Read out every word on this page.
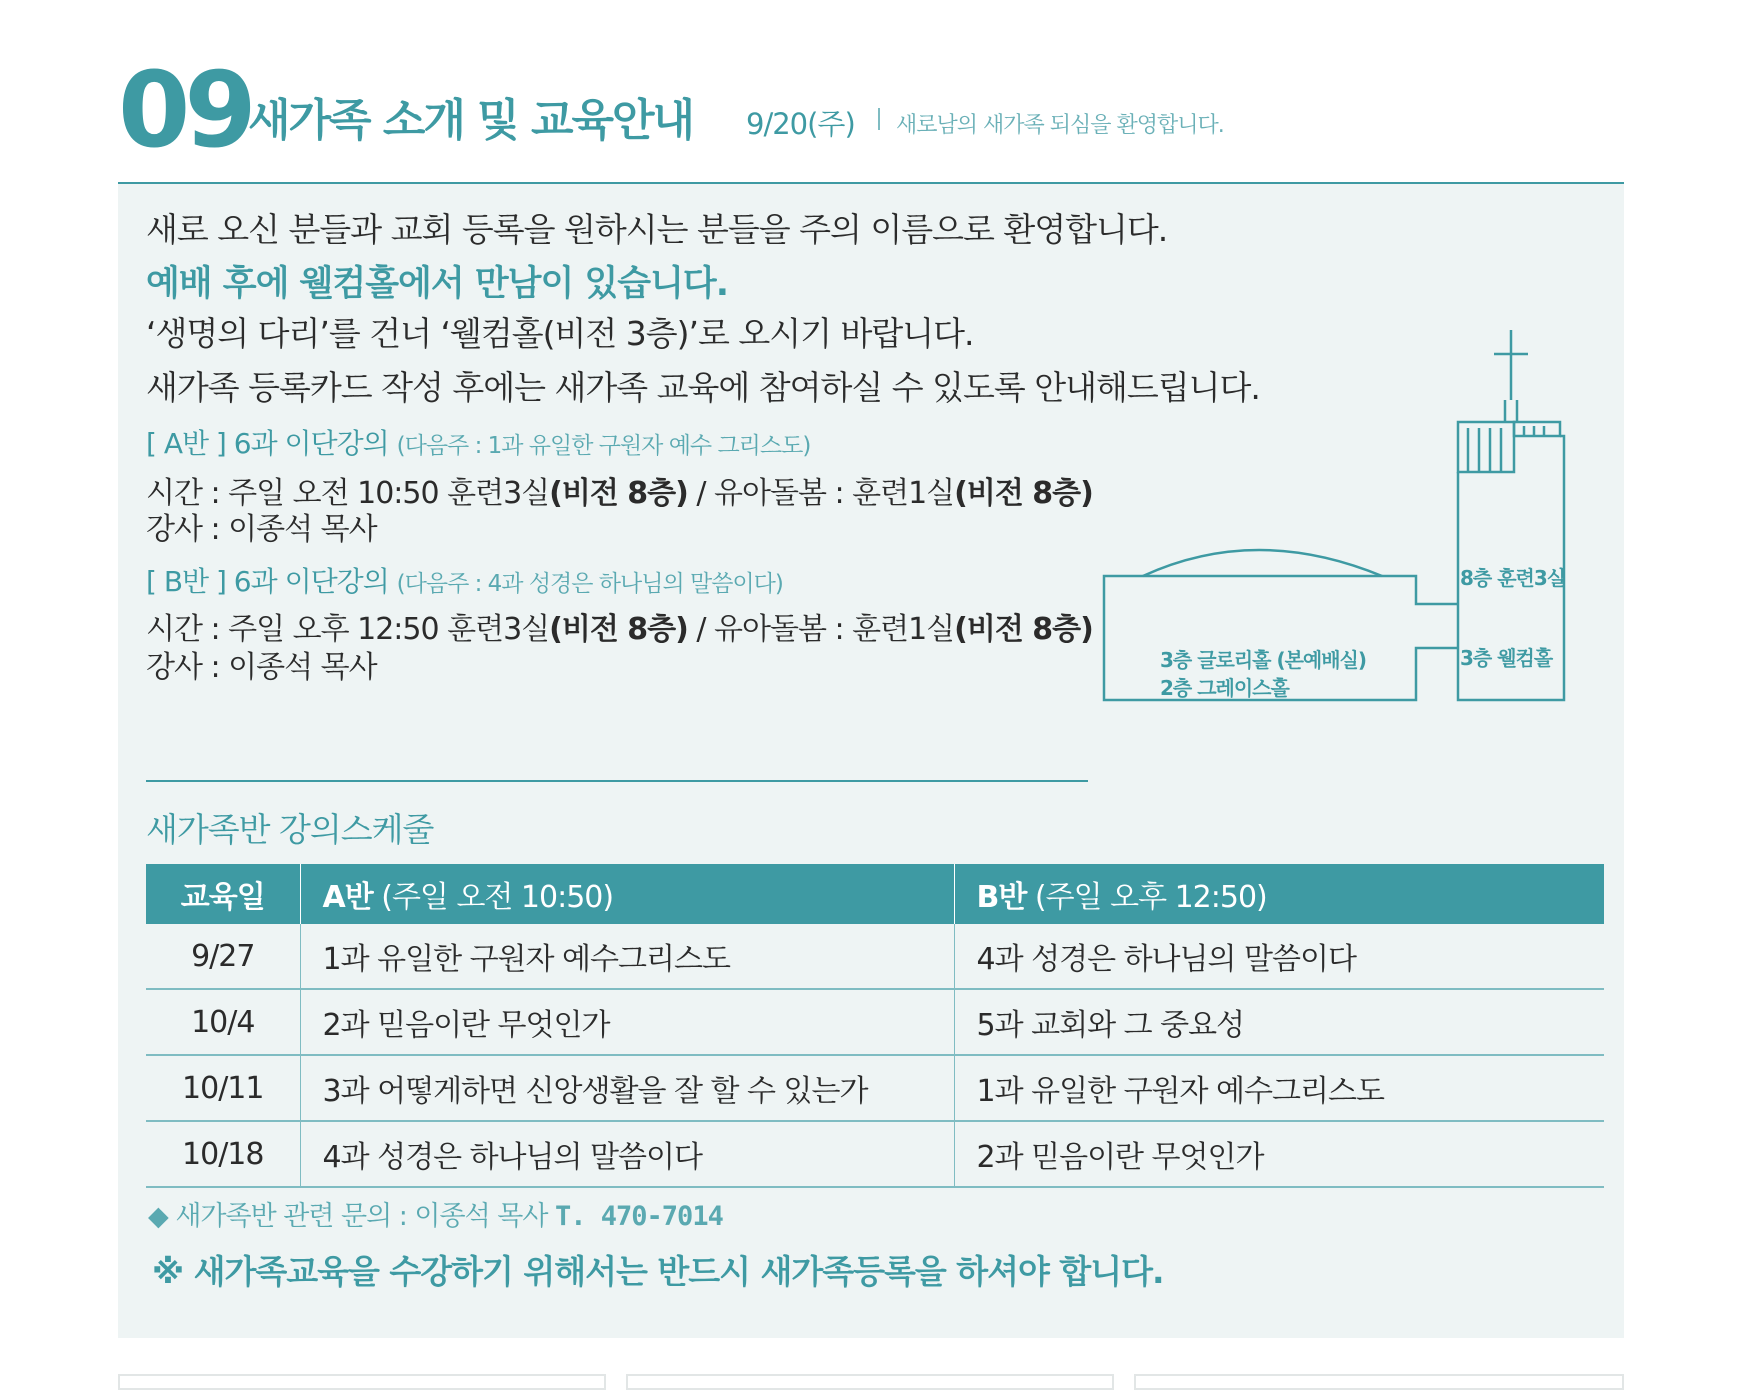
09
새가족 소개 및 교육안내 9/20(주) 새로남의 새가족 되심을 환영합니다.
새로 오신 분들과 교회 등록을 원하시는 분들을 주의 이름으로 환영합니다.
예배 후에 웰컴홀에서 만남이 있습니다.
‘생명의 다리’를 건너 ‘웰컴홀(비전 3층)’로 오시기 바랍니다.
새가족 등록카드 작성 후에는 새가족 교육에 참여하실 수 있도록 안내해드립니다.
[ A반 ] 6과 이단강의 (다음주 : 1과 유일한 구원자 예수 그리스도)
시간 : 주일 오전 10:50 훈련3실(비전 8층) / 유아돌봄 : 훈련1실(비전 8층)
강사 : 이종석 목사
[ B반 ] 6과 이단강의 (다음주 : 4과 성경은 하나님의 말씀이다)
시간 : 주일 오후 12:50 훈련3실(비전 8층) / 유아돌봄 : 훈련1실(비전 8층)
강사 : 이종석 목사
8층 훈련3실
3층 웰컴홀
3층 글로리홀 (본예배실)
2층 그레이스홀
새가족반 강의스케줄
교육일	A반 (주일 오전 10:50)	B반 (주일 오후 12:50)
9/27	1과 유일한 구원자 예수그리스도	4과 성경은 하나님의 말씀이다
10/4	2과 믿음이란 무엇인가	5과 교회와 그 중요성
10/11	3과 어떻게하면 신앙생활을 잘 할 수 있는가	1과 유일한 구원자 예수그리스도
10/18	4과 성경은 하나님의 말씀이다	2과 믿음이란 무엇인가
◆ 새가족반 관련 문의 : 이종석 목사 T. 470-7014
※ 새가족교육을 수강하기 위해서는 반드시 새가족등록을 하셔야 합니다.
